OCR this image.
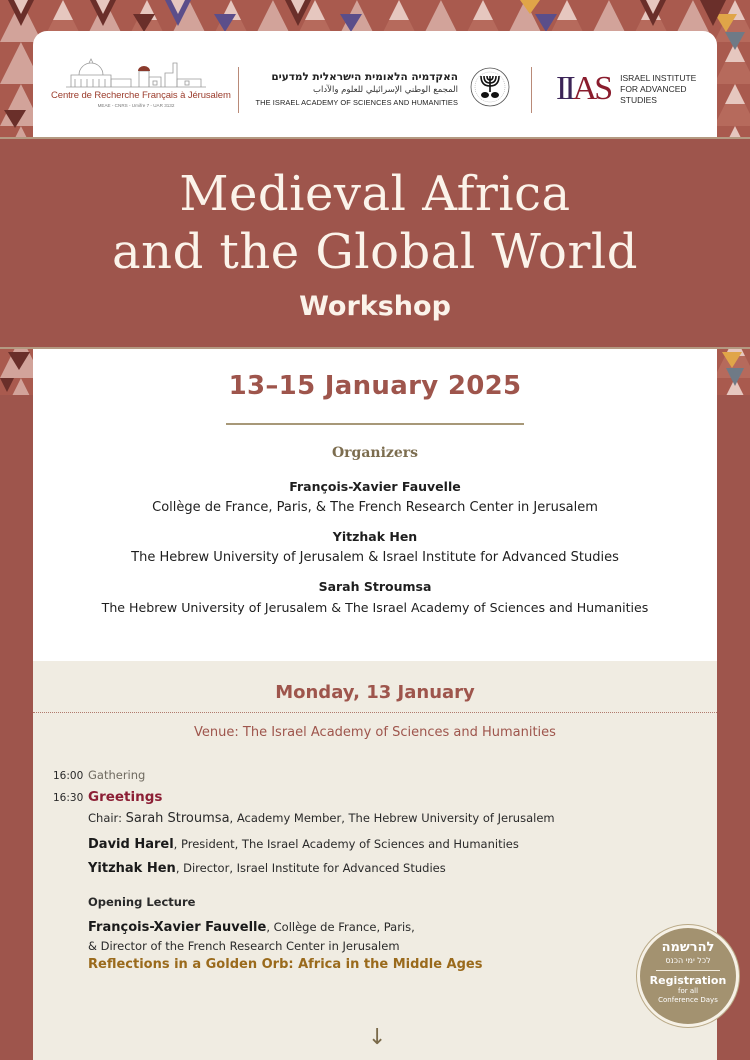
Centre de Recherche Français à Jérusalem
MEAE - CNRS - Umifre 7 - UAR 3132
האקדמיה הלאומית הישראלית למדעים
المجمع الوطني الإسرائيلي للعلوم والآداب
THE ISRAEL ACADEMY OF SCIENCES AND HUMANITIES	IIAS ISRAEL INSTITUTE
FOR ADVANCED
STUDIES
Medieval Africa
and the Global World
Workshop
13–15 January 2025
Organizers
François-Xavier Fauvelle
Collège de France, Paris, & The French Research Center in Jerusalem
Yitzhak Hen
The Hebrew University of Jerusalem & Israel Institute for Advanced Studies
Sarah Stroumsa
The Hebrew University of Jerusalem & The Israel Academy of Sciences and Humanities
Monday, 13 January
Venue: The Israel Academy of Sciences and Humanities
16:00 Gathering
16:30 Greetings
Chair: Sarah Stroumsa, Academy Member, The Hebrew University of Jerusalem
David Harel, President, The Israel Academy of Sciences and Humanities
Yitzhak Hen, Director, Israel Institute for Advanced Studies
Opening Lecture
François-Xavier Fauvelle, Collège de France, Paris,
& Director of the French Research Center in Jerusalem
Reflections in a Golden Orb: Africa in the Middle Ages
↓
להרשמה
לכל ימי הכנס
Registration
for all
Conference Days
